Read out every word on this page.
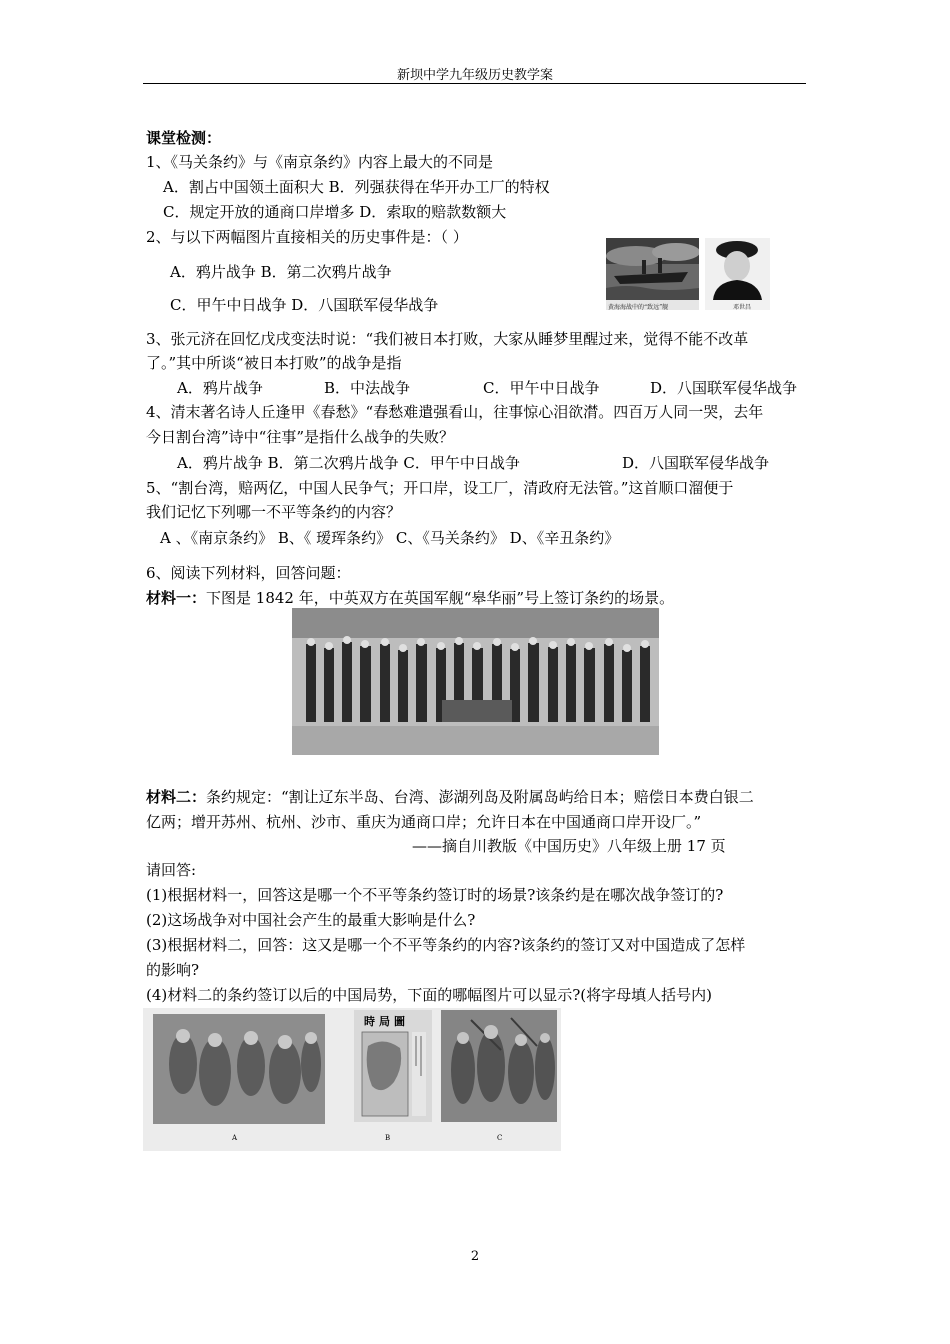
新坝中学九年级历史教学案
课堂检测：
1、《马关条约》与《南京条约》内容上最大的不同是
A．割占中国领土面积大 B．列强获得在华开办工厂的特权
C．规定开放的通商口岸增多 D．索取的赔款数额大
2、与以下两幅图片直接相关的历史事件是：（ ）
A．鸦片战争 B．第二次鸦片战争
C．甲午中日战争 D．八国联军侵华战争	黄海海战中的“致远”舰	邓世昌
3、张元济在回忆戊戌变法时说：“我们被日本打败，大家从睡梦里醒过来，觉得不能不改革
了。”其中所谈“被日本打败”的战争是指
A．鸦片战争	B．中法战争	C．甲午中日战争	D．八国联军侵华战争
4、清末著名诗人丘逢甲《春愁》“春愁难遣强看山，往事惊心泪欲潸。四百万人同一哭，去年
今日割台湾”诗中“往事”是指什么战争的失败？
A．鸦片战争 B．第二次鸦片战争 C．甲午中日战争	D．八国联军侵华战争
5、“割台湾，赔两亿，中国人民争气；开口岸，设工厂，清政府无法管。”这首顺口溜便于
我们记忆下列哪一不平等条约的内容？
A 、《南京条约》 B、《 瑷珲条约》 C、《马关条约》 D、《辛丑条约》
6、阅读下列材料，回答问题：
材料一：下图是 1842 年，中英双方在英国军舰“皋华丽”号上签订条约的场景。
材料二：条约规定：“割让辽东半岛、台湾、澎湖列岛及附属岛屿给日本；赔偿日本费白银二
亿两；增开苏州、杭州、沙市、重庆为通商口岸；允许日本在中国通商口岸开设厂。”
——摘自川教版《中国历史》八年级上册 17 页
请回答:
(1)根据材料一，回答这是哪一个不平等条约签订时的场景?该条约是在哪次战争签订的?
(2)这场战争对中国社会产生的最重大影响是什么?
(3)根据材料二，回答：这又是哪一个不平等条约的内容?该条约的签订又对中国造成了怎样
的影响?
(4)材料二的条约签订以后的中国局势，下面的哪幅图片可以显示?(将字母填人括号内)
A
時局圖
B	C
2
